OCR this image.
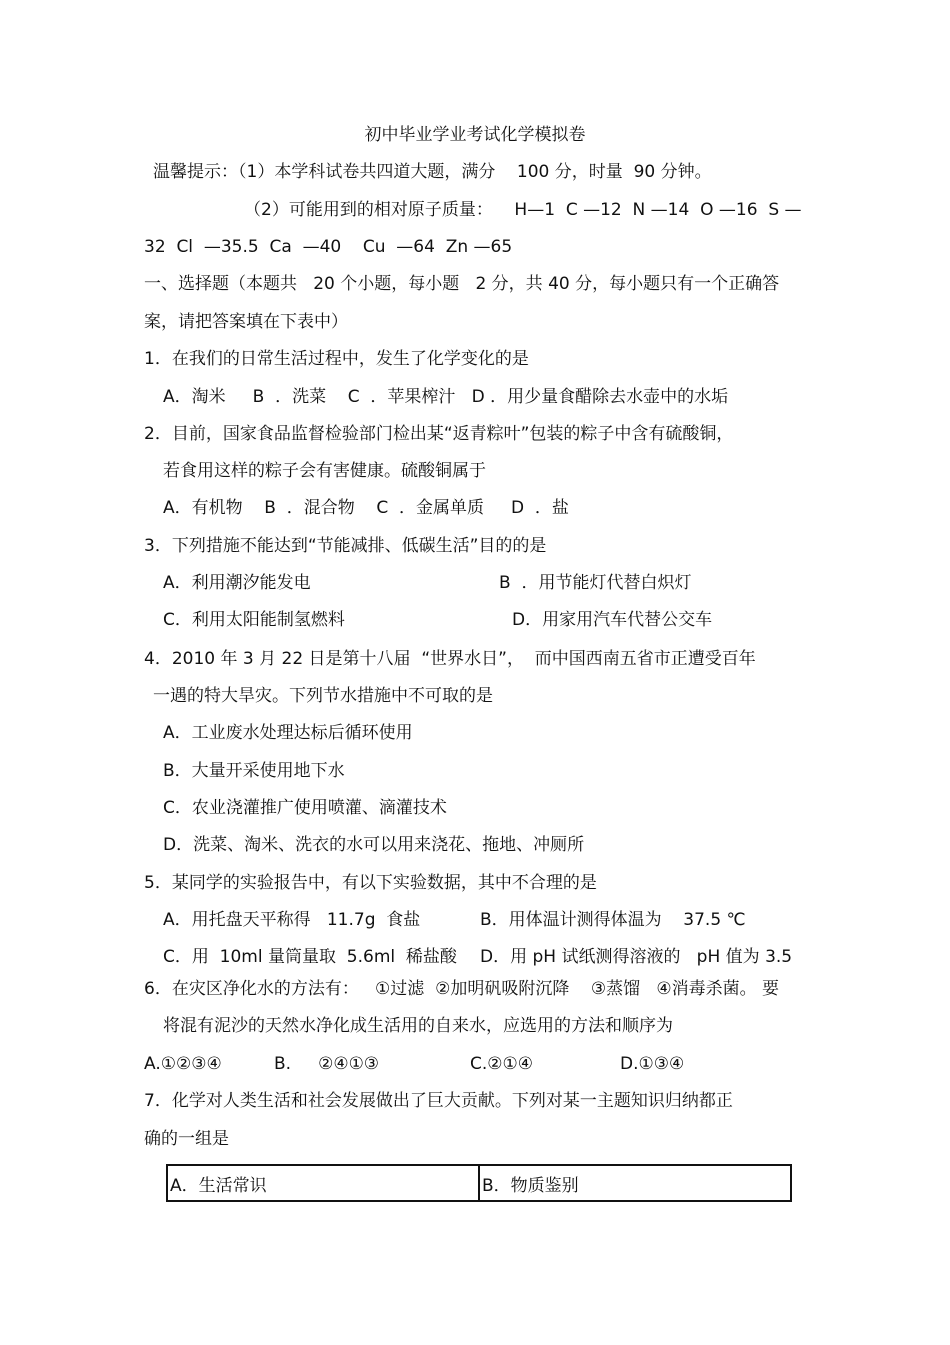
初中毕业学业考试化学模拟卷
温馨提示：（1）本学科试卷共四道大题，满分    100 分，时量  90 分钟。
（2）可能用到的相对原子质量：    H—1  C —12  N —14  O —16  S —
32  Cl  —35.5  Ca  —40    Cu  —64  Zn —65
一、选择题（本题共   20 个小题，每小题   2 分，共 40 分，每小题只有一个正确答
案，请把答案填在下表中）
1．在我们的日常生活过程中，发生了化学变化的是
A．淘米     B  ．洗菜    C  ．苹果榨汁   D ．用少量食醋除去水壶中的水垢
2．目前，国家食品监督检验部门检出某“返青粽叶”包装的粽子中含有硫酸铜，
若食用这样的粽子会有害健康。硫酸铜属于
A．有机物    B  ．混合物    C  ．金属单质     D  ．盐
3．下列措施不能达到“节能减排、低碳生活”目的的是
A．利用潮汐能发电	B  ．用节能灯代替白炽灯
C．利用太阳能制氢燃料	D．用家用汽车代替公交车
4．2010 年 3 月 22 日是第十八届  “世界水日”，  而中国西南五省市正遭受百年
一遇的特大旱灾。下列节水措施中不可取的是
A．工业废水处理达标后循环使用
B．大量开采使用地下水
C．农业浇灌推广使用喷灌、滴灌技术
D．洗菜、淘米、洗衣的水可以用来浇花、拖地、冲厕所
5．某同学的实验报告中，有以下实验数据，其中不合理的是
A．用托盘天平称得   11.7g  食盐	B．用体温计测得体温为    37.5 ℃
C．用  10ml 量筒量取  5.6ml  稀盐酸 D．用 pH 试纸测得溶液的   pH 值为 3.5
6．在灾区净化水的方法有：   ①过滤  ②加明矾吸附沉降    ③蒸馏   ④消毒杀菌。 要
将混有泥沙的天然水净化成生活用的自来水，应选用的方法和顺序为
A.①②③④	B.     ②④①③	C.②①④	D.①③④
7．化学对人类生活和社会发展做出了巨大贡献。下列对某一主题知识归纳都正
确的一组是
A．生活常识	B．物质鉴别
